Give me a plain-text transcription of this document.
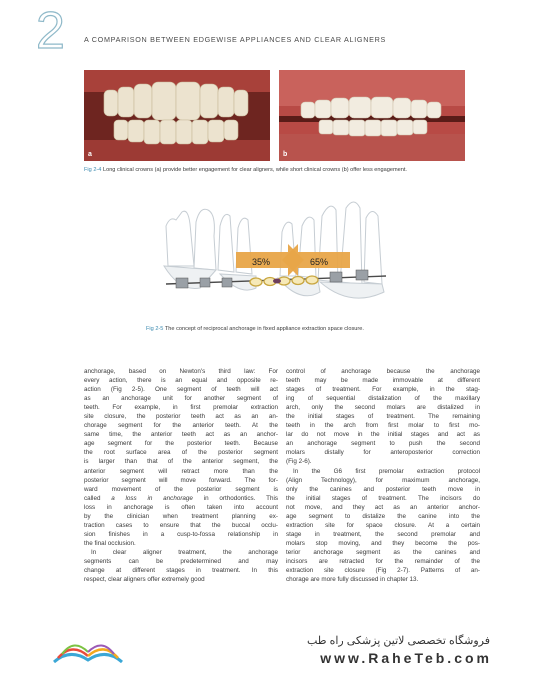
2	A COMPARISON BETWEEN EDGEWISE APPLIANCES AND CLEAR ALIGNERS
a	b
Fig 2-4 Long clinical crowns (a) provide better engagement for clear aligners, while short clinical crowns (b) offer less engagement.
35%	65%
Fig 2-5 The concept of reciprocal anchorage in fixed appliance extraction space closure.
anchorage, based on Newton's third law: For
every action, there is an equal and opposite re-
action (Fig 2-5). One segment of teeth will act
as an anchorage unit for another segment of
teeth. For example, in first premolar extraction
site closure, the posterior teeth act as an an-
chorage segment for the anterior teeth. At the
same time, the anterior teeth act as an anchor-
age segment for the posterior teeth. Because
the root surface area of the posterior segment
is larger than that of the anterior segment, the
anterior segment will retract more than the
posterior segment will move forward. The for-
ward movement of the posterior segment is
called a loss in anchorage in orthodontics. This
loss in anchorage is often taken into account
by the clinician when treatment planning ex-
traction cases to ensure that the buccal occlu-
sion finishes in a cusp-to-fossa relationship in
the final occlusion.
In clear aligner treatment, the anchorage
segments can be predetermined and may
change at different stages in treatment. In this
respect, clear aligners offer extremely good
control of anchorage because the anchorage
teeth may be made immovable at different
stages of treatment. For example, in the stag-
ing of sequential distalization of the maxillary
arch, only the second molars are distalized in
the initial stages of treatment. The remaining
teeth in the arch from first molar to first mo-
lar do not move in the initial stages and act as
an anchorage segment to push the second
molars distally for anteroposterior correction
(Fig 2-6).
In the G6 first premolar extraction protocol
(Align Technology), for maximum anchorage,
only the canines and posterior teeth move in
the initial stages of treatment. The incisors do
not move, and they act as an anterior anchor-
age segment to distalize the canine into the
extraction site for space closure. At a certain
stage in treatment, the second premolar and
molars stop moving, and they become the pos-
terior anchorage segment as the canines and
incisors are retracted for the remainder of the
extraction site closure (Fig 2-7). Patterns of an-
chorage are more fully discussed in chapter 13.
فروشگاه تخصصی لاتین پزشکی راه طب
www.RaheTeb.com
